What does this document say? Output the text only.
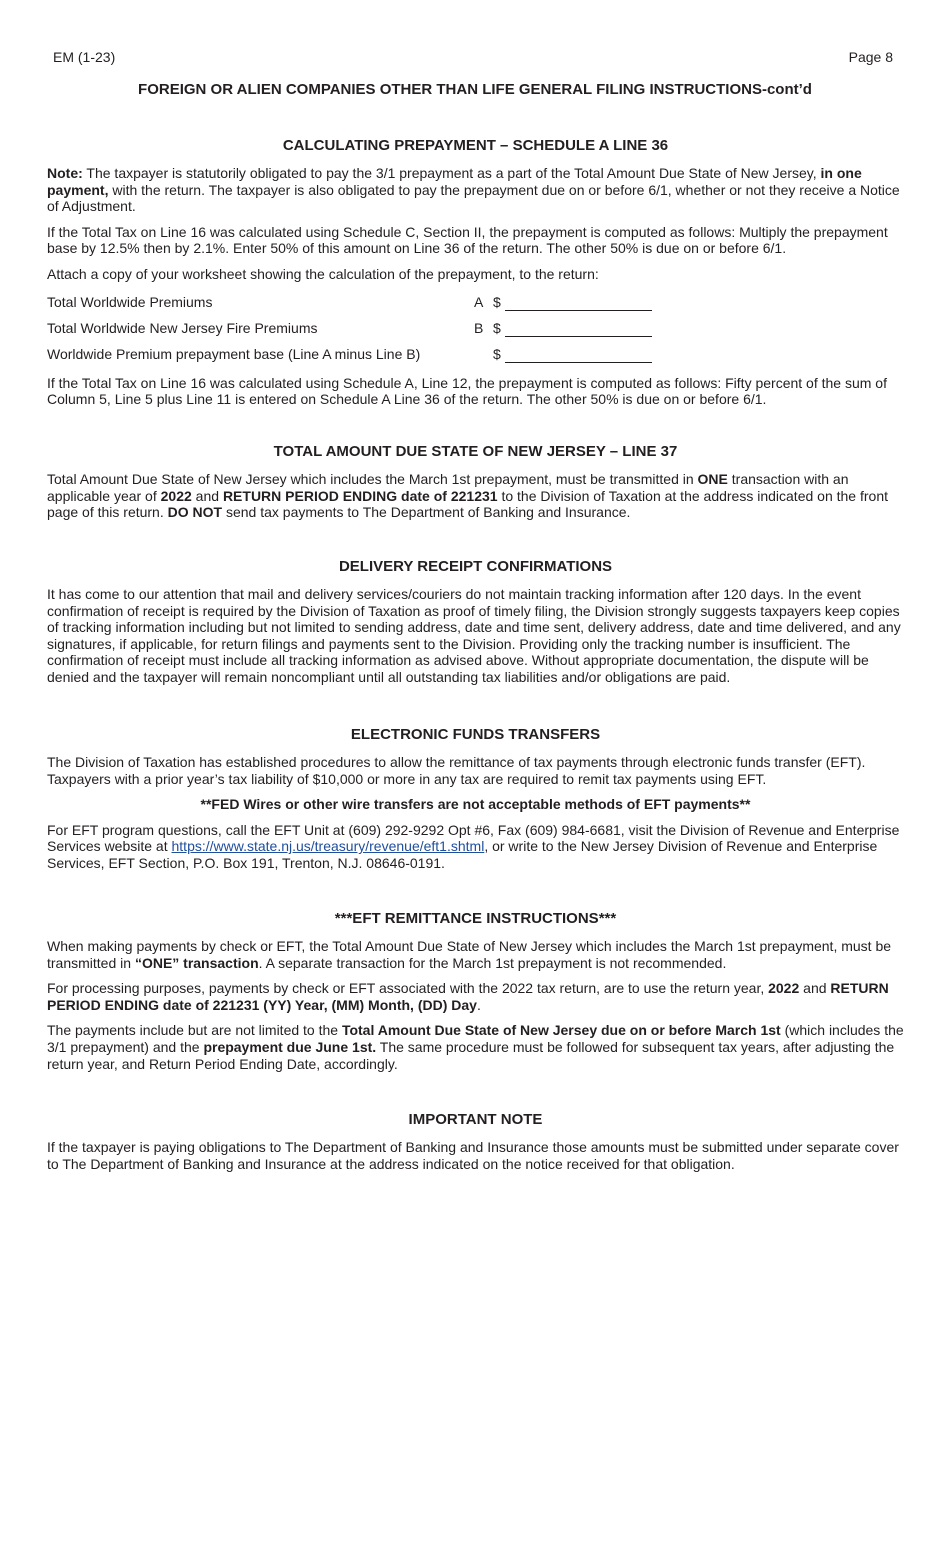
EM (1-23)	Page 8
FOREIGN OR ALIEN COMPANIES OTHER THAN LIFE GENERAL FILING INSTRUCTIONS-cont’d
CALCULATING PREPAYMENT – SCHEDULE A LINE 36

Note: The taxpayer is statutorily obligated to pay the 3/1 prepayment as a part of the Total Amount Due State of New Jersey, in one payment, with the return. The taxpayer is also obligated to pay the prepayment due on or before 6/1, whether or not they receive a Notice of Adjustment.

If the Total Tax on Line 16 was calculated using Schedule C, Section II, the prepayment is computed as follows: Multiply the prepayment base by 12.5% then by 2.1%. Enter 50% of this amount on Line 36 of the return. The other 50% is due on or before 6/1.

Attach a copy of your worksheet showing the calculation of the prepayment, to the return:

Total Worldwide Premiums	A $
Total Worldwide New Jersey Fire Premiums	B $
Worldwide Premium prepayment base (Line A minus Line B)	$

If the Total Tax on Line 16 was calculated using Schedule A, Line 12, the prepayment is computed as follows: Fifty percent of the sum of Column 5, Line 5 plus Line 11 is entered on Schedule A Line 36 of the return. The other 50% is due on or before 6/1.

TOTAL AMOUNT DUE STATE OF NEW JERSEY – LINE 37

Total Amount Due State of New Jersey which includes the March 1st prepayment, must be transmitted in ONE transaction with an applicable year of 2022 and RETURN PERIOD ENDING date of 221231 to the Division of Taxation at the address indicated on the front page of this return. DO NOT send tax payments to The Department of Banking and Insurance.

DELIVERY RECEIPT CONFIRMATIONS

It has come to our attention that mail and delivery services/couriers do not maintain tracking information after 120 days. In the event confirmation of receipt is required by the Division of Taxation as proof of timely filing, the Division strongly suggests taxpayers keep copies of tracking information including but not limited to sending address, date and time sent, delivery address, date and time delivered, and any signatures, if applicable, for return filings and payments sent to the Division. Providing only the tracking number is insufficient. The confirmation of receipt must include all tracking information as advised above. Without appropriate documentation, the dispute will be denied and the taxpayer will remain noncompliant until all outstanding tax liabilities and/or obligations are paid.

ELECTRONIC FUNDS TRANSFERS

The Division of Taxation has established procedures to allow the remittance of tax payments through electronic funds transfer (EFT). Taxpayers with a prior year’s tax liability of $10,000 or more in any tax are required to remit tax payments using EFT.

**FED Wires or other wire transfers are not acceptable methods of EFT payments**

For EFT program questions, call the EFT Unit at (609) 292-9292 Opt #6, Fax (609) 984-6681, visit the Division of Revenue and Enterprise Services website at https://www.state.nj.us/treasury/revenue/eft1.shtml, or write to the New Jersey Division of Revenue and Enterprise Services, EFT Section, P.O. Box 191, Trenton, N.J. 08646-0191.

***EFT REMITTANCE INSTRUCTIONS***

When making payments by check or EFT, the Total Amount Due State of New Jersey which includes the March 1st prepayment, must be transmitted in “ONE” transaction. A separate transaction for the March 1st prepayment is not recommended.

For processing purposes, payments by check or EFT associated with the 2022 tax return, are to use the return year, 2022 and RETURN PERIOD ENDING date of 221231 (YY) Year, (MM) Month, (DD) Day.

The payments include but are not limited to the Total Amount Due State of New Jersey due on or before March 1st (which includes the 3/1 prepayment) and the prepayment due June 1st. The same procedure must be followed for subsequent tax years, after adjusting the return year, and Return Period Ending Date, accordingly.

IMPORTANT NOTE

If the taxpayer is paying obligations to The Department of Banking and Insurance those amounts must be submitted under separate cover to The Department of Banking and Insurance at the address indicated on the notice received for that obligation.
